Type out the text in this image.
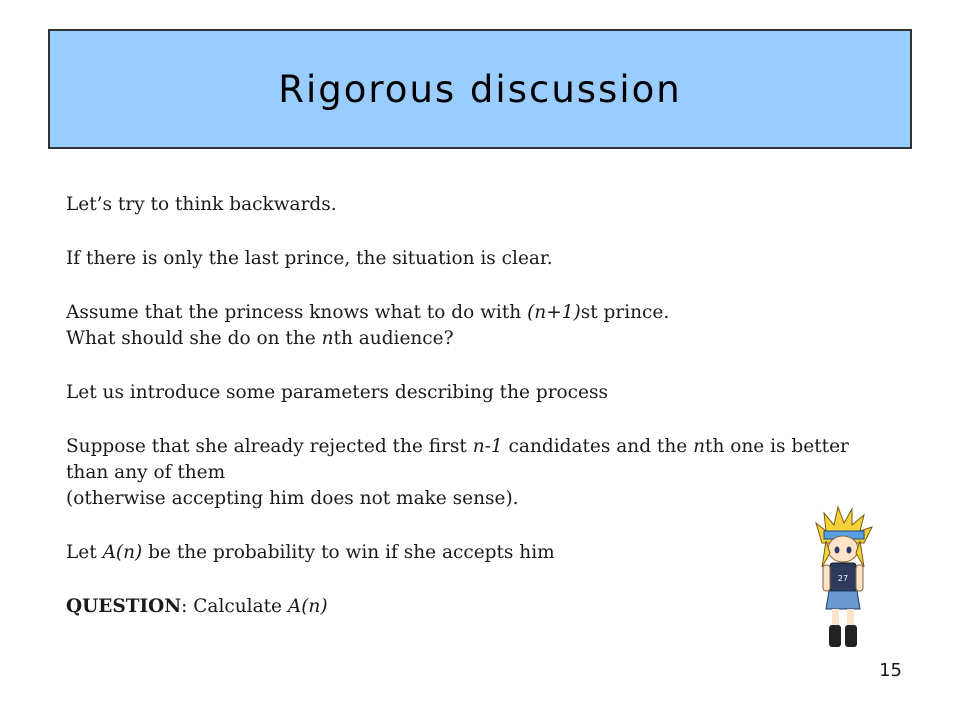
Rigorous discussion

Let’s try to think backwards.

If there is only the last prince, the situation is clear.

Assume that the princess knows what to do with (n+1)st prince.

What should she do on the nth audience?

Let us introduce some parameters describing the process

Suppose that she already rejected the first n-1 candidates and the nth one is better than any of them

(otherwise accepting him does not make sense).

Let A(n) be the probability to win if she accepts him

QUESTION: Calculate A(n)

27
15
